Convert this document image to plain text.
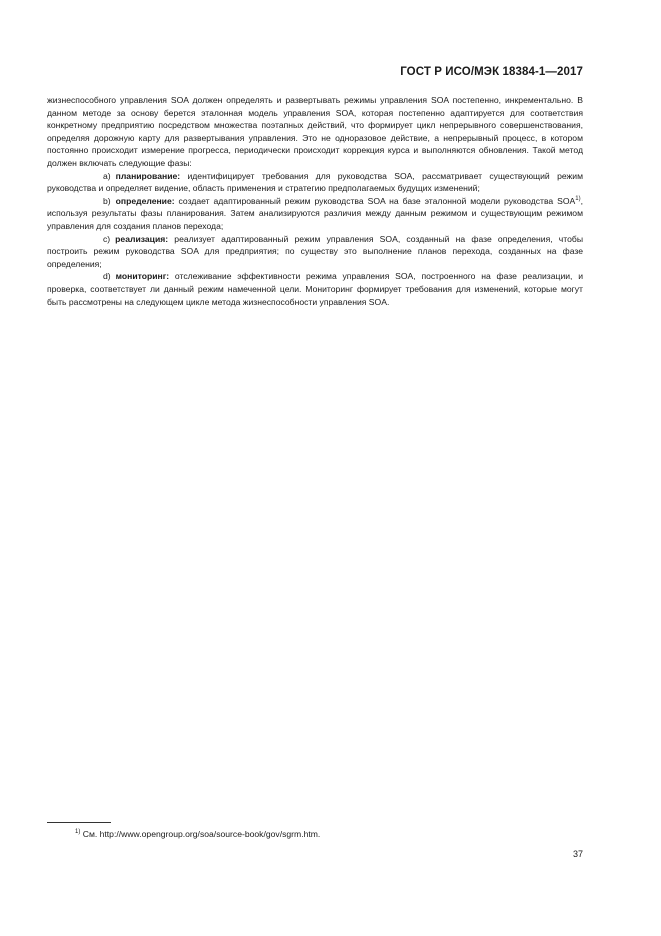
ГОСТ Р ИСО/МЭК 18384-1—2017

жизнеспособного управления SOA должен определять и развертывать режимы управления SOA постепенно, инкрементально. В данном методе за основу берется эталонная модель управления SOA, которая постепенно адаптируется для соответствия конкретному предприятию посредством множества поэтапных действий, что формирует цикл непрерывного совершенствования, определяя дорожную карту для развертывания управления. Это не одноразовое действие, а непрерывный процесс, в котором постоянно происходит измерение прогресса, периодически происходит коррекция курса и выполняются обновления. Такой метод должен включать следующие фазы:

a) планирование: идентифицирует требования для руководства SOA, рассматривает существующий режим руководства и определяет видение, область применения и стратегию предполагаемых будущих изменений;

b) определение: создает адаптированный режим руководства SOA на базе эталонной модели руководства SOA$^{1)}$, используя результаты фазы планирования. Затем анализируются различия между данным режимом и существующим режимом управления для создания планов перехода;

c) реализация: реализует адаптированный режим управления SOA, созданный на фазе определения, чтобы построить режим руководства SOA для предприятия; по существу это выполнение планов перехода, созданных на фазе определения;

d) мониторинг: отслеживание эффективности режима управления SOA, построенного на фазе реализации, и проверка, соответствует ли данный режим намеченной цели. Мониторинг формирует требования для изменений, которые могут быть рассмотрены на следующем цикле метода жизнеспособности управления SOA.

$^{1)}$ См. http://www.opengroup.org/soa/source-book/gov/sgrm.htm.
37
